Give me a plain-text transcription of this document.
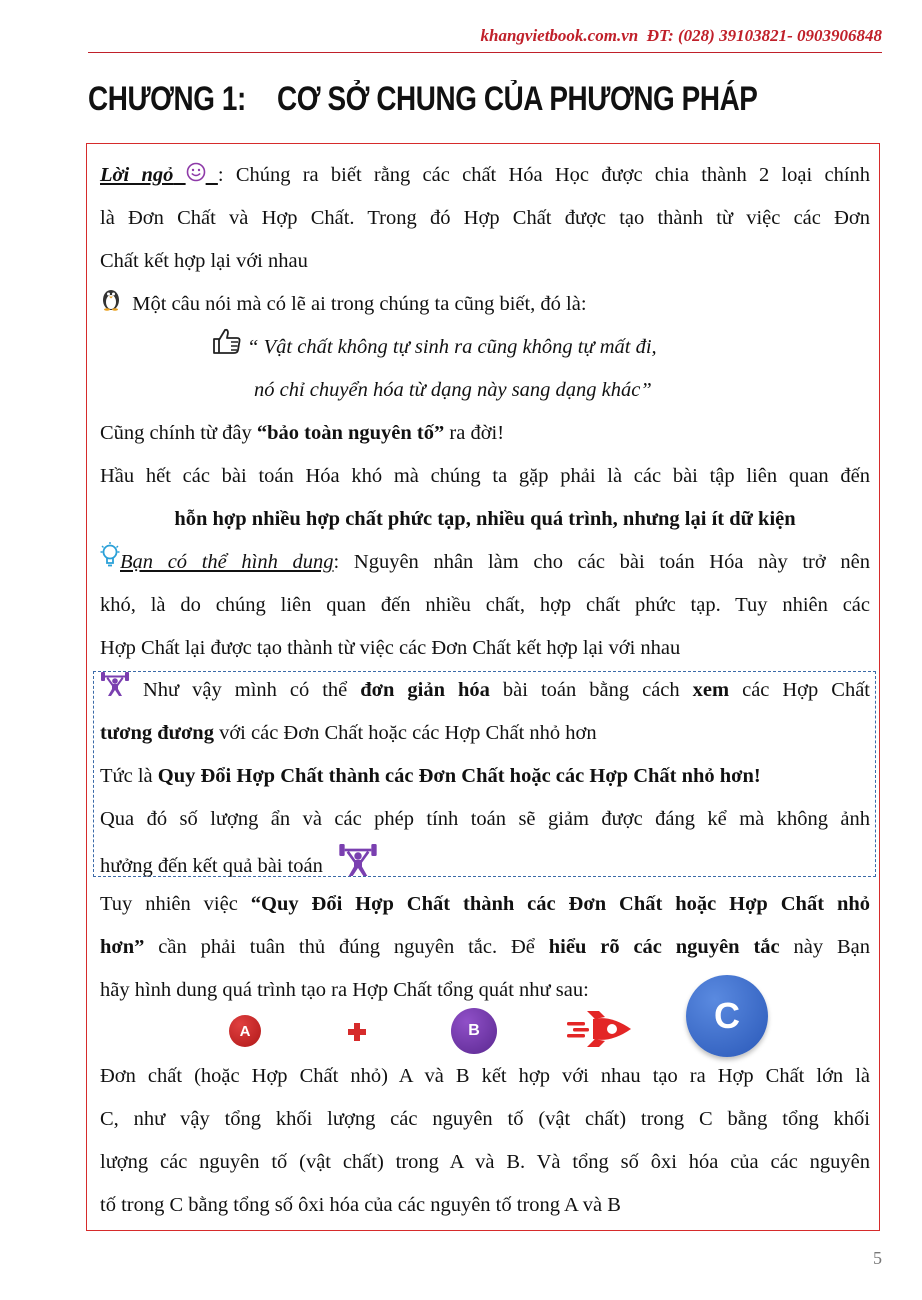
khangvietbook.com.vn ĐT: (028) 39103821- 0903906848
CHƯƠNG 1: CƠ SỞ CHUNG CỦA PHƯƠNG PHÁP
Lời ngỏ : Chúng ra biết rằng các chất Hóa Học được chia thành 2 loại chính
là Đơn Chất và Hợp Chất. Trong đó Hợp Chất được tạo thành từ việc các Đơn
Chất kết hợp lại với nhau
Một câu nói mà có lẽ ai trong chúng ta cũng biết, đó là:
“ Vật chất không tự sinh ra cũng không tự mất đi,
nó chỉ chuyển hóa từ dạng này sang dạng khác”
Cũng chính từ đây “bảo toàn nguyên tố” ra đời!
Hầu hết các bài toán Hóa khó mà chúng ta gặp phải là các bài tập liên quan đến
hỗn hợp nhiều hợp chất phức tạp, nhiều quá trình, nhưng lại ít dữ kiện
Bạn có thể hình dung: Nguyên nhân làm cho các bài toán Hóa này trở nên
khó, là do chúng liên quan đến nhiều chất, hợp chất phức tạp. Tuy nhiên các
Hợp Chất lại được tạo thành từ việc các Đơn Chất kết hợp lại với nhau
Như vậy mình có thể đơn giản hóa bài toán bằng cách xem các Hợp Chất
tương đương với các Đơn Chất hoặc các Hợp Chất nhỏ hơn
Tức là Quy Đổi Hợp Chất thành các Đơn Chất hoặc các Hợp Chất nhỏ hơn!
Qua đó số lượng ẩn và các phép tính toán sẽ giảm được đáng kể mà không ảnh
hưởng đến kết quả bài toán
Tuy nhiên việc “Quy Đổi Hợp Chất thành các Đơn Chất hoặc Hợp Chất nhỏ
hơn” cần phải tuân thủ đúng nguyên tắc. Để hiểu rõ các nguyên tắc này Bạn
hãy hình dung quá trình tạo ra Hợp Chất tổng quát như sau:
A	B	C
Đơn chất (hoặc Hợp Chất nhỏ) A và B kết hợp với nhau tạo ra Hợp Chất lớn là
C, như vậy tổng khối lượng các nguyên tố (vật chất) trong C bằng tổng khối
lượng các nguyên tố (vật chất) trong A và B. Và tổng số ôxi hóa của các nguyên
tố trong C bằng tổng số ôxi hóa của các nguyên tố trong A và B
5
